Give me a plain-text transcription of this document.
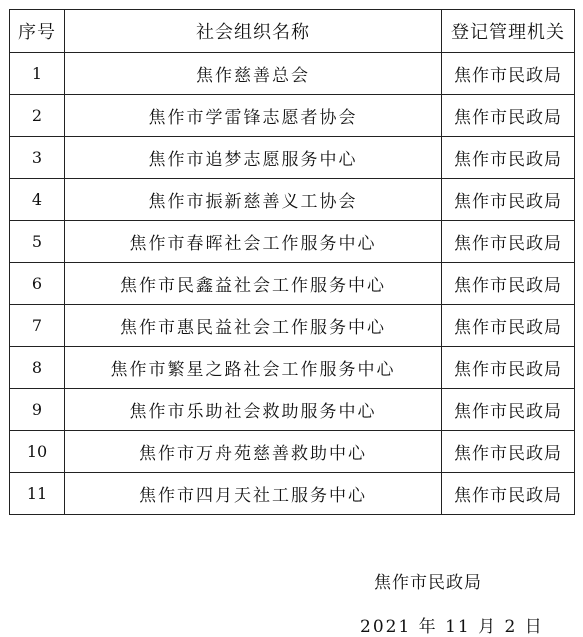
序号	社会组织名称	登记管理机关
1	焦作慈善总会	焦作市民政局
2	焦作市学雷锋志愿者协会	焦作市民政局
3	焦作市追梦志愿服务中心	焦作市民政局
4	焦作市振新慈善义工协会	焦作市民政局
5	焦作市春晖社会工作服务中心	焦作市民政局
6	焦作市民鑫益社会工作服务中心	焦作市民政局
7	焦作市惠民益社会工作服务中心	焦作市民政局
8	焦作市繁星之路社会工作服务中心	焦作市民政局
9	焦作市乐助社会救助服务中心	焦作市民政局
10	焦作市万舟苑慈善救助中心	焦作市民政局
11	焦作市四月天社工服务中心	焦作市民政局
焦作市民政局
2021 年 11 月 2 日
